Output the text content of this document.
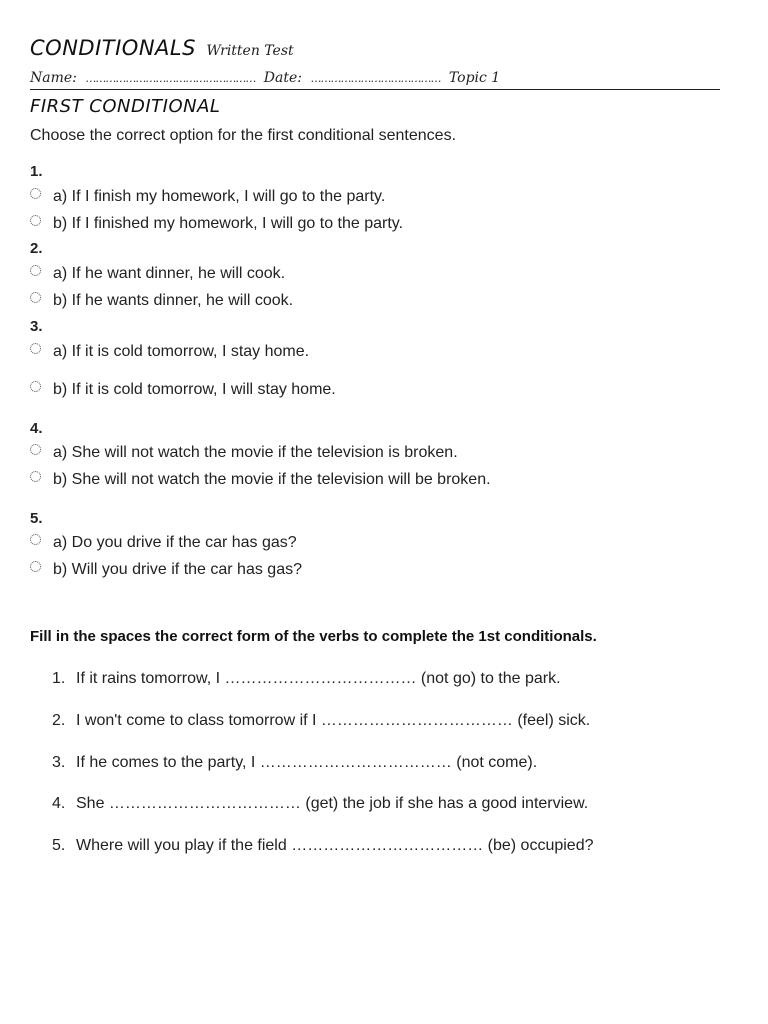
CONDITIONALS Written Test
Name: …………………………………………… Date: ………………………………… Topic 1
FIRST CONDITIONAL
Choose the correct option for the first conditional sentences.
1.
a) If I finish my homework, I will go to the party.
b) If I finished my homework, I will go to the party.
2.
a) If he want dinner, he will cook.
b) If he wants dinner, he will cook.
3.
a) If it is cold tomorrow, I stay home.
b) If it is cold tomorrow, I will stay home.
4.
a) She will not watch the movie if the television is broken.
b) She will not watch the movie if the television will be broken.
5.
a) Do you drive if the car has gas?
b) Will you drive if the car has gas?
Fill in the spaces the correct form of the verbs to complete the 1st conditionals.
1. If it rains tomorrow, I ……………………………… (not go) to the park.
2. I won't come to class tomorrow if I ……………………………… (feel) sick.
3. If he comes to the party, I ……………………………… (not come).
4. She ……………………………… (get) the job if she has a good interview.
5. Where will you play if the field ……………………………… (be) occupied?
